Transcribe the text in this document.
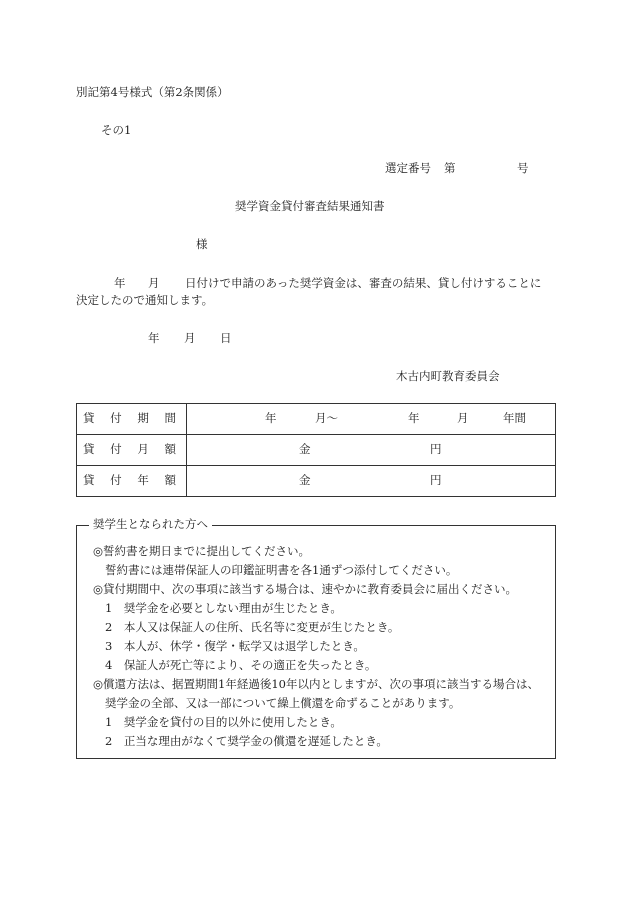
別記第4号様式（第2条関係）
その1
選定番号 第	号
奨学資金貸付審査結果通知書
様
年 月 日付けで申請のあった奨学資金は、審査の結果、貸し付けすることに
決定したので通知します。
年 月 日
木古内町教育委員会
貸 付 期 間	年 月〜 年 月 年間

貸 付 月 額	金 円

貸 付 年 額	金 円
奨学生となられた方へ
◎誓約書を期日までに提出してください。
誓約書には連帯保証人の印鑑証明書を各1通ずつ添付してください。
◎貸付期間中、次の事項に該当する場合は、速やかに教育委員会に届出ください。
1　奨学金を必要としない理由が生じたとき。
2　本人又は保証人の住所、氏名等に変更が生じたとき。
3　本人が、休学・復学・転学又は退学したとき。
4　保証人が死亡等により、その適正を失ったとき。
◎償還方法は、据置期間1年経過後10年以内としますが、次の事項に該当する場合は、
奨学金の全部、又は一部について繰上償還を命ずることがあります。
1　奨学金を貸付の目的以外に使用したとき。
2　正当な理由がなくて奨学金の償還を遅延したとき。
